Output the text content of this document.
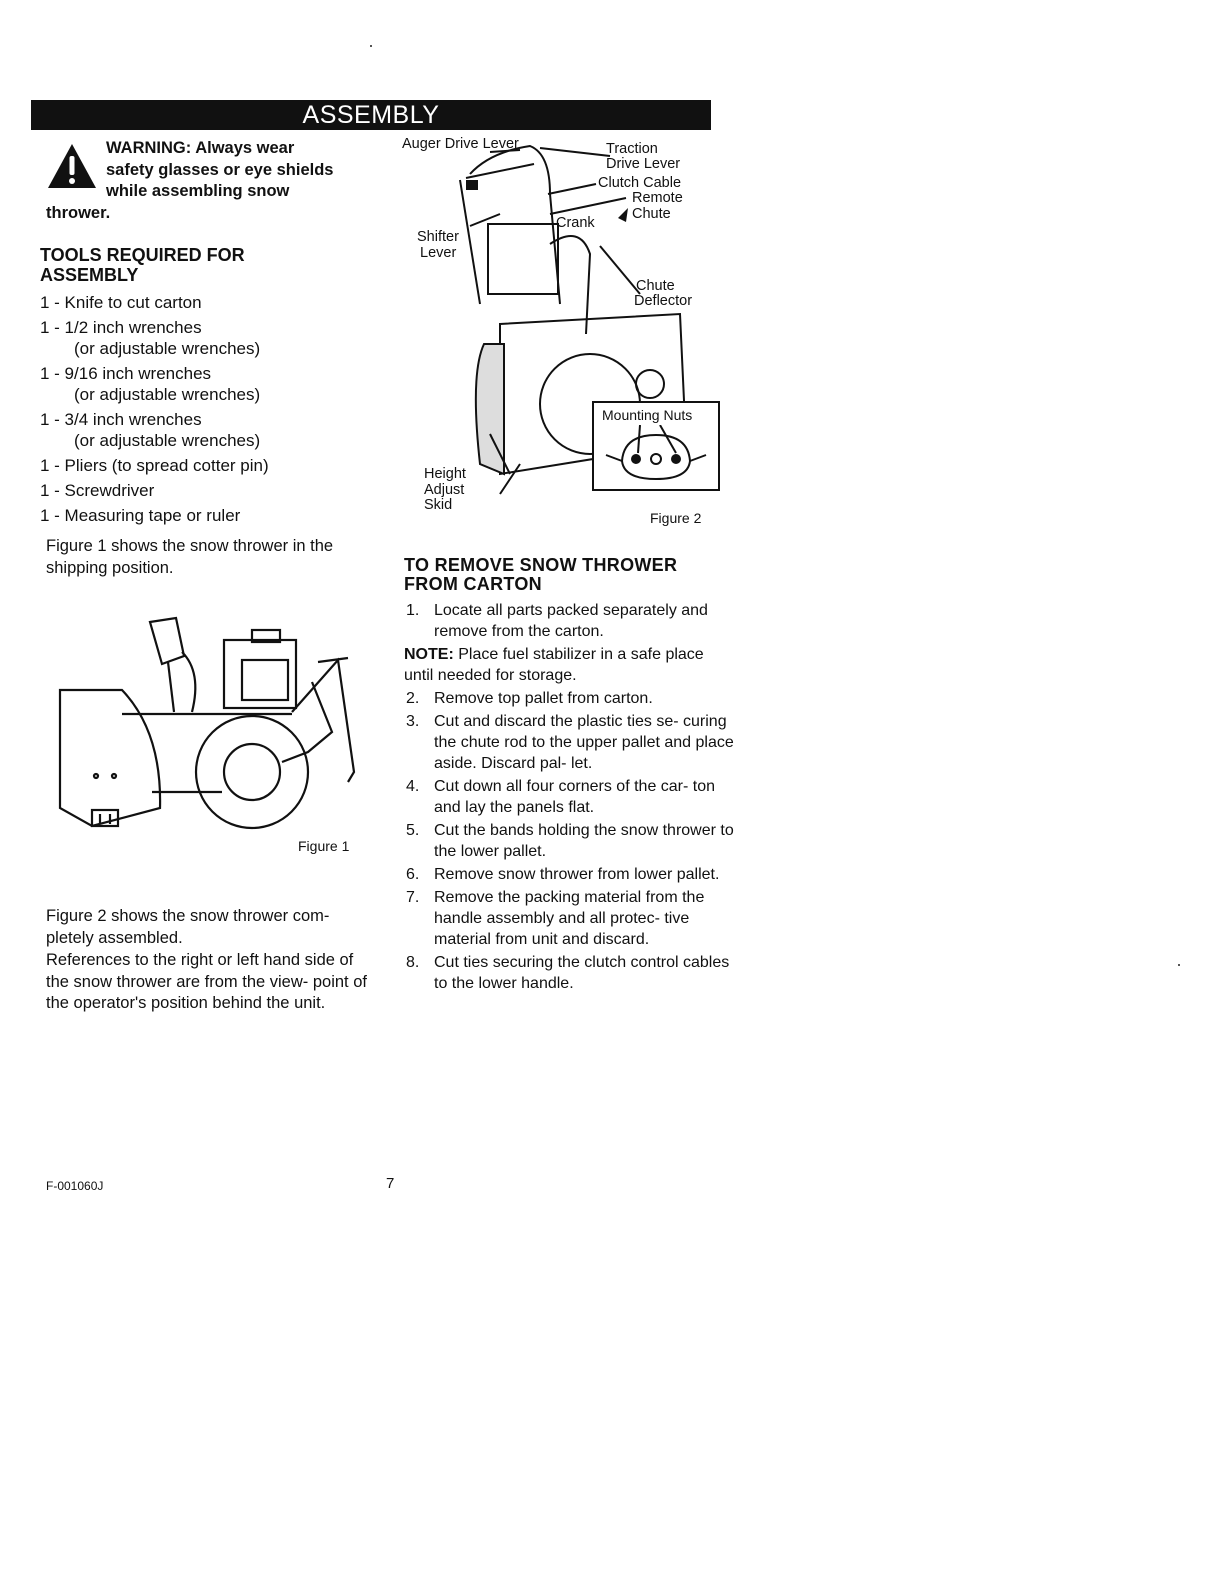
ASSEMBLY
WARNING: Always wear
safety glasses or eye shields
while assembling snow
thrower.
TOOLS REQUIRED FOR
ASSEMBLY
1 - Knife to cut carton
1 - 1/2 inch wrenches
(or adjustable wrenches)
1 - 9/16 inch wrenches
(or adjustable wrenches)
1 - 3/4 inch wrenches
(or adjustable wrenches)
1 - Pliers (to spread cotter pin)
1 - Screwdriver
1 - Measuring tape or ruler
Figure 1 shows the snow thrower in the shipping position.
Figure 1
Figure 2 shows the snow thrower com- pletely assembled.
References to the right or left hand side of the snow thrower are from the view- point of the operator's position behind the unit.
Auger Drive Lever	Traction
Drive Lever
Clutch Cable
Remote
Chute
Crank
Shifter
Lever
Chute
Deflector
Height
Adjust
Skid
Mounting Nuts
Figure 2
TO REMOVE SNOW THROWER
FROM CARTON
1. Locate all parts packed separately and remove from the carton.
NOTE: Place fuel stabilizer in a safe place until needed for storage.
2. Remove top pallet from carton.
3. Cut and discard the plastic ties se- curing the chute rod to the upper pallet and place aside. Discard pal- let.
4. Cut down all four corners of the car- ton and lay the panels flat.
5. Cut the bands holding the snow thrower to the lower pallet.
6. Remove snow thrower from lower pallet.
7. Remove the packing material from the handle assembly and all protec- tive material from unit and discard.
8. Cut ties securing the clutch control cables to the lower handle.
F-001060J	7
